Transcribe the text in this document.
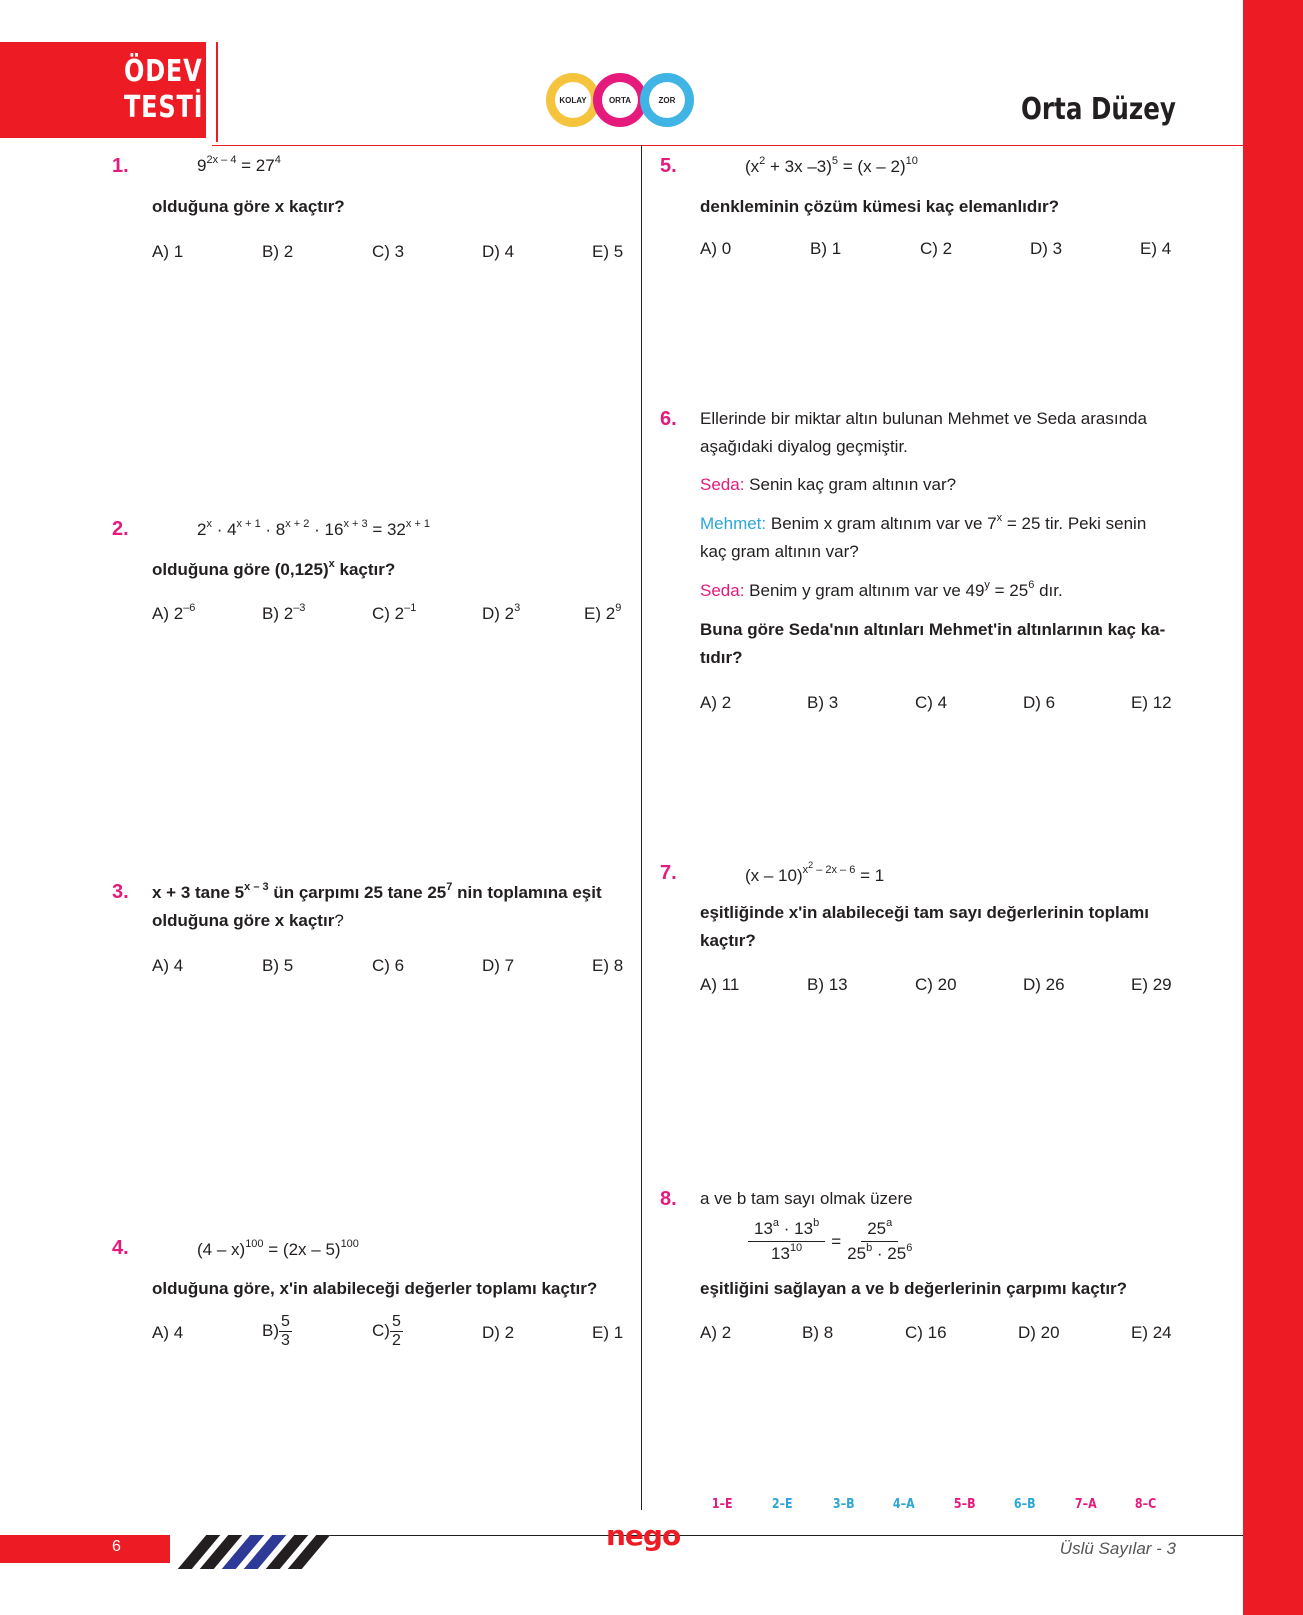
ÖDEV
TESTİ	KOLAY	ORTA	ZOR	Orta Düzey
1.	$9^{2x - 4} = 27^4$
olduğuna göre x kaçtır?
A) 1	B) 2	C) 3	D) 4	E) 5
2.	$2^x \cdot 4^{x + 1} \cdot 8^{x + 2} \cdot 16^{x + 3} = 32^{x + 1}$
olduğuna göre $(0,125)^x$ kaçtır?
A) $2^{-6}$	B) $2^{-3}$	C) $2^{-1}$	D) $2^3$	E) $2^9$
3. x + 3 tane 5$^{x - 3}$ ün çarpımı 25 tane $25^7$ nin toplamına eşit
olduğuna göre x kaçtır?
A) 4	B) 5	C) 6	D) 7	E) 8
4.	(4 – x)$^{100}$ = (2x – 5)$^{100}$
olduğuna göre, x'in alabileceği değerler toplamı kaçtır?
A) 4	$B) \frac{5}{3}$	$C) \frac{5}{2}$	D) 2	E) 1
5.	($x^2 + 3x$ –3)$^5$ = (x – 2)$^{10}$
denkleminin çözüm kümesi kaç elemanlıdır?
A) 0	B) 1	C) 2	D) 3	E) 4
6. Ellerinde bir miktar altın bulunan Mehmet ve Seda arasında
aşağıdaki diyalog geçmiştir.
Seda: Senin kaç gram altının var?
Mehmet: Benim x gram altınım var ve $7^x = 25$ tir. Peki senin
kaç gram altının var?
Seda: Benim y gram altınım var ve $49^y = 25^6$ dır.
Buna göre Seda'nın altınları Mehmet'in altınlarının kaç ka-
tıdır?
A) 2	B) 3	C) 4	D) 6	E) 12
7.	(x – 10)$^{x^2 - 2x - 6}$ = 1
eşitliğinde x'in alabileceği tam sayı değerlerinin toplamı
kaçtır?
A) 11	B) 13	C) 20	D) 26	E) 29
8. a ve b tam sayı olmak üzere
$\frac{13^a \cdot 13^b}{13^{10}} = \frac{25^a}{25^b \cdot 25^6}$
eşitliğini sağlayan a ve b değerlerinin çarpımı kaçtır?
A) 2	B) 8	C) 16	D) 20	E) 24
1–E	2–E	3–B	4–A	5–B	6–B	7–A	8–C
6	nego	Üslü Sayılar - 3
